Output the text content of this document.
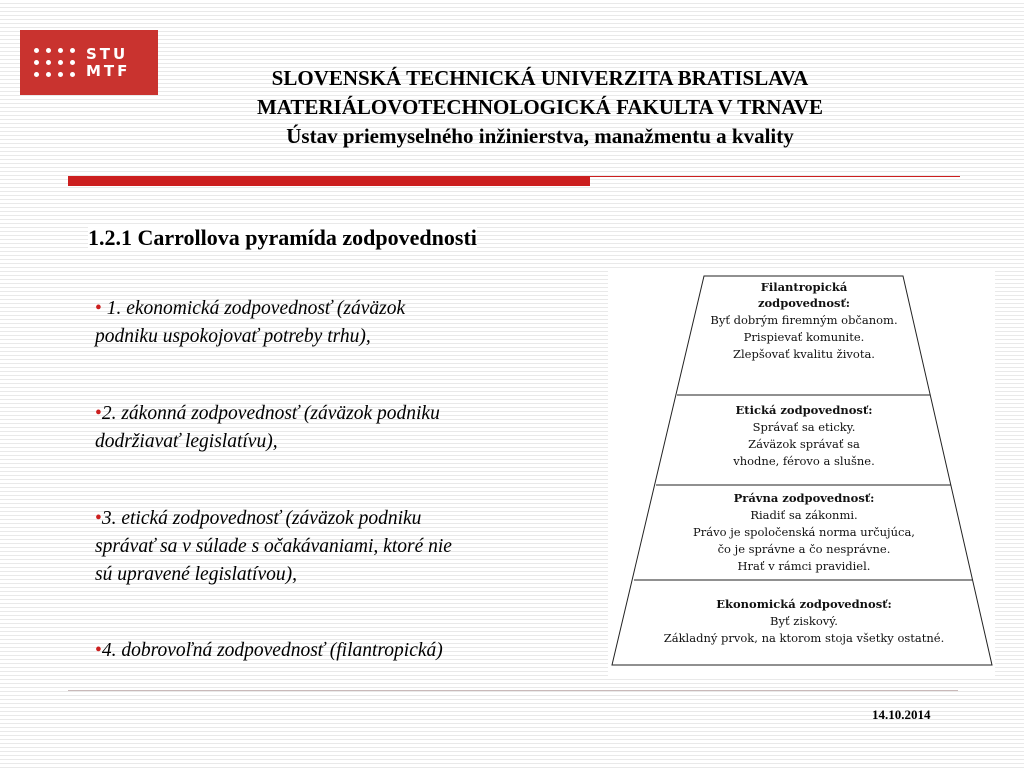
STU
MTF	SLOVENSKÁ TECHNICKÁ UNIVERZITA BRATISLAVA
MATERIÁLOVOTECHNOLOGICKÁ FAKULTA V TRNAVE
Ústav priemyselného inžinierstva, manažmentu a kvality
1.2.1 Carrollova pyramída zodpovednosti
• 1. ekonomická zodpovednosť (záväzok
podniku uspokojovať potreby trhu),
•2. zákonná zodpovednosť (záväzok podniku
dodržiavať legislatívu),
•3. etická zodpovednosť (záväzok podniku
správať sa v súlade s očakávaniami, ktoré nie
sú upravené legislatívou),
•4. dobrovoľná zodpovednosť (filantropická)
Filantropická
zodpovednosť:
Byť dobrým firemným občanom.
Prispievať komunite.
Zlepšovať kvalitu života.
Etická zodpovednosť:
Správať sa eticky.
Záväzok správať sa
vhodne, férovo a slušne.
Právna zodpovednosť:
Riadiť sa zákonmi.
Právo je spoločenská norma určujúca,
čo je správne a čo nesprávne.
Hrať v rámci pravidiel.
Ekonomická zodpovednosť:
Byť ziskový.
Základný prvok, na ktorom stoja všetky ostatné.
14.10.2014
